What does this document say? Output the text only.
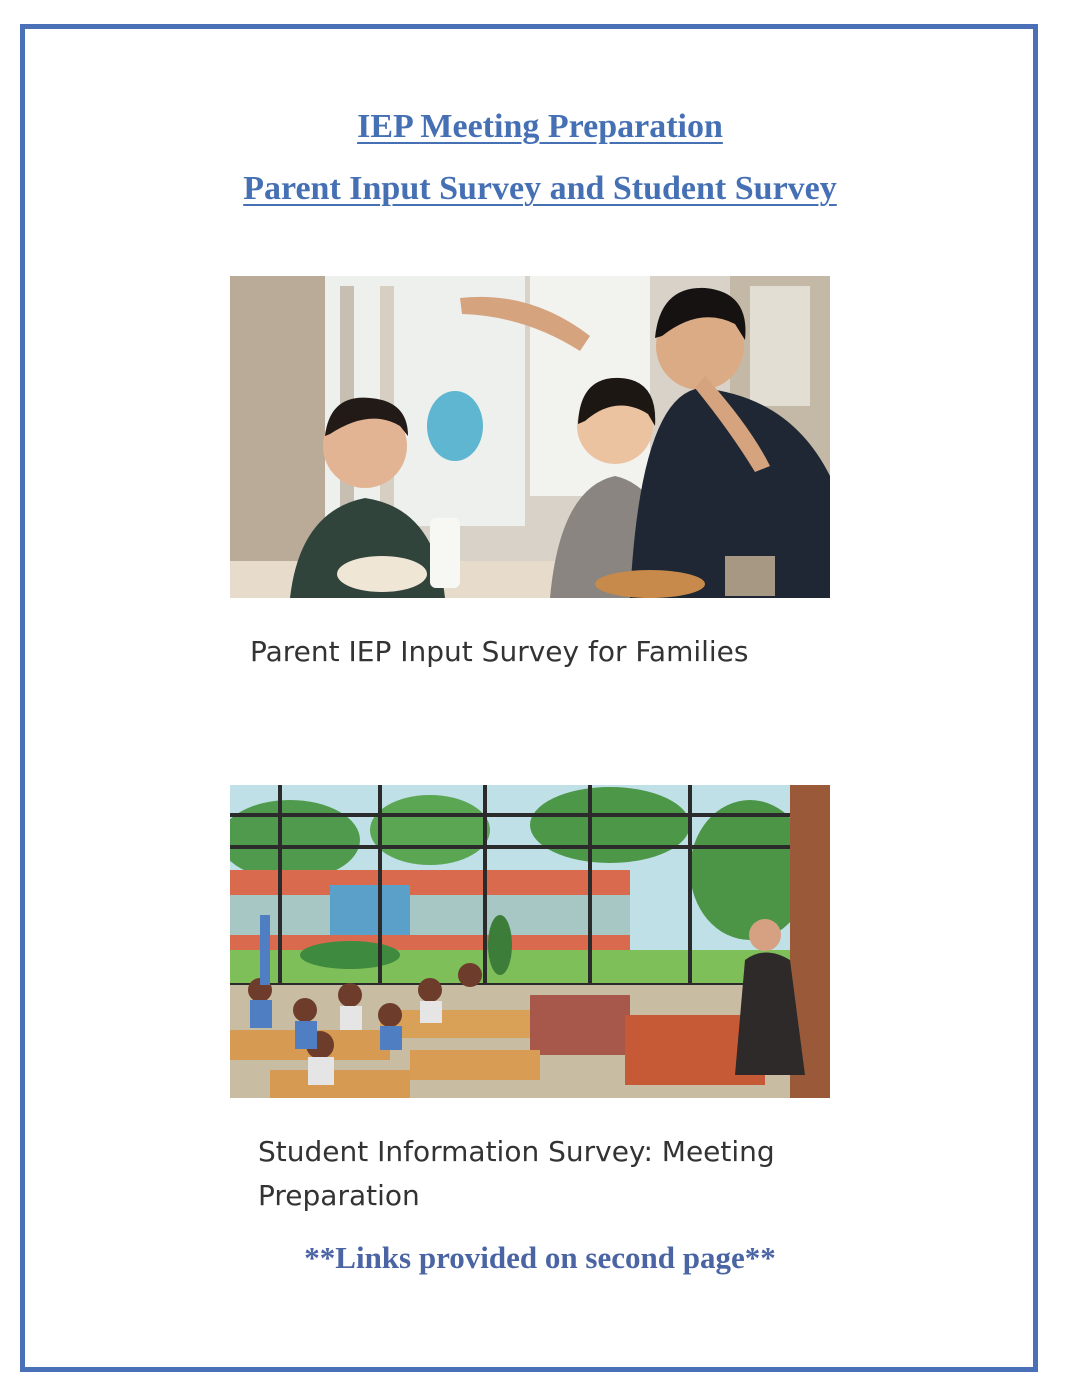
IEP Meeting Preparation
Parent Input Survey and Student Survey

Parent IEP Input Survey for Families

Student Information Survey: Meeting Preparation

**Links provided on second page**
